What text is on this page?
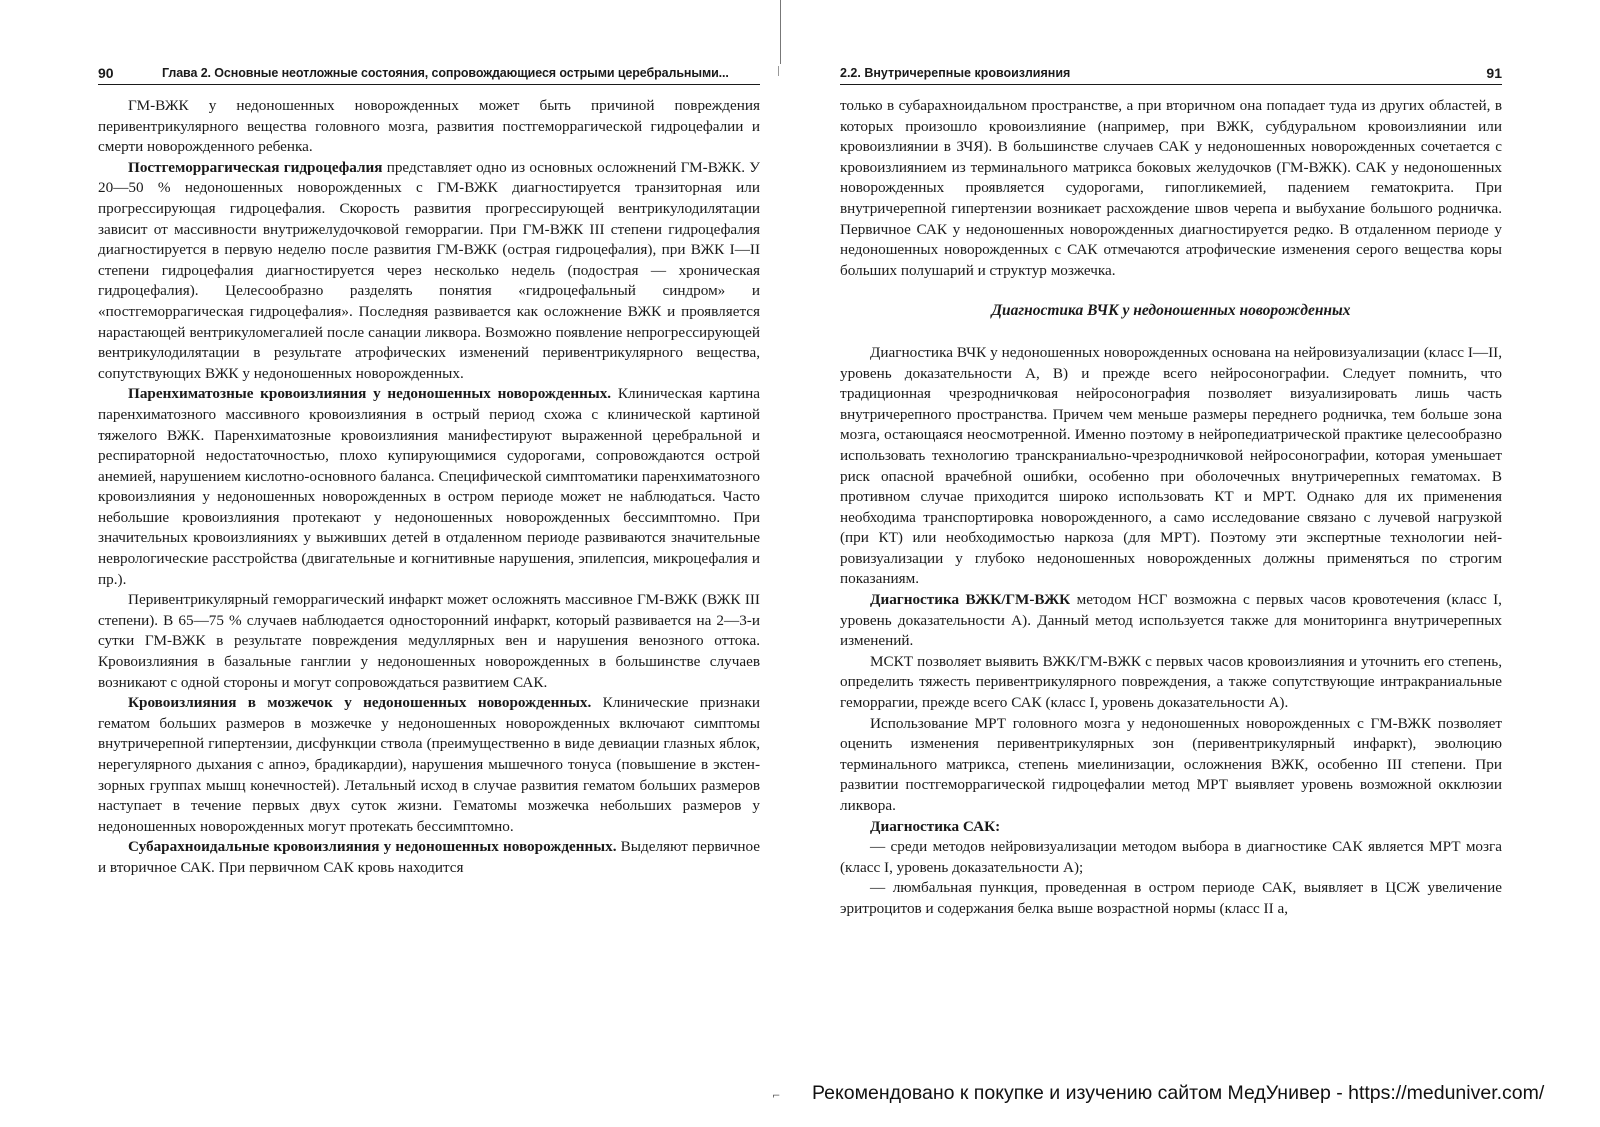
90	Глава 2. Основные неотложные состояния, сопровождающиеся острыми церебральными...

ГМ-ВЖК у недоношенных новорожденных может быть причиной повреждения перивентрикулярного вещества головного мозга, развития постгеморрагической гидроцефалии и смерти новорожденного ребенка.

Постгеморрагическая гидроцефалия представляет одно из основных осложнений ГМ-ВЖК. У 20—50 % недоношенных новорожденных с ГМ-ВЖК диагностируется транзиторная или прогрессирующая гидроцефалия. Скорость развития прогрессирующей вентрикулодилятации зависит от массивности внутрижелудочковой геморрагии. При ГМ-ВЖК III степени гидроцефалия диагностируется в первую неделю после развития ГМ-ВЖК (острая гидроцефалия), при ВЖК I—II степени гидроцефалия диагностируется через несколько недель (подострая — хроническая гидроцефалия). Целесообразно разделять понятия «гидроцефальный синдром» и «постгеморрагическая гидроцефалия». Последняя развивается как осложнение ВЖК и проявляется нарастающей вентрикуломегалией после санации ликвора. Возможно появление непрогрессирующей вентрикулодилятации в результате атрофических изменений перивентрикулярного вещества, сопутствующих ВЖК у недоношенных новорожденных.

Паренхиматозные кровоизлияния у недоношенных новорожденных. Клиническая картина паренхиматозного массивного кровоизлияния в острый период схожа с клинической картиной тяжелого ВЖК. Паренхиматозные кровоизлияния манифестируют выраженной церебральной и респираторной недостаточностью, плохо купирующимися судорогами, сопровождаются острой анемией, нарушением кислотно-основного баланса. Специфической симптоматики паренхиматозного кровоизлияния у недоношенных новорожденных в остром периоде может не наблюдаться. Часто небольшие кровоизлияния протекают у недоношенных новорожденных бессимптомно. При значительных кровоизлияниях у выживших детей в отдаленном периоде развиваются значительные неврологические расстройства (двигательные и когнитивные нарушения, эпилепсия, микроцефалия и пр.).

Перивентрикулярный геморрагический инфаркт может осложнять массивное ГМ-ВЖК (ВЖК III степени). В 65—75 % случаев наблюдается односторонний инфаркт, который развивается на 2—3-и сутки ГМ-ВЖК в результате повреждения медуллярных вен и нарушения венозного оттока. Кровоизлияния в базальные ганглии у недоношенных новорожденных в большинстве случаев возникают с одной стороны и могут сопровождаться развитием САК.

Кровоизлияния в мозжечок у недоношенных новорожденных. Клинические признаки гематом больших размеров в мозжечке у недоношенных новорожденных включают симптомы внутричерепной гипертензии, дисфункции ствола (преимущественно в виде девиации глазных яблок, нерегулярного дыхания с апноэ, брадикардии), нарушения мышечного тонуса (повышение в экстензорных группах мышц конечностей). Летальный исход в случае развития гематом больших размеров наступает в течение первых двух суток жизни. Гематомы мозжечка небольших размеров у недоношенных новорожденных могут протекать бессимптомно.

Субарахноидальные кровоизлияния у недоношенных новорожденных. Выделяют первичное и вторичное САК. При первичном САК кровь находится

2.2. Внутричерепные кровоизлияния	91

только в субарахноидальном пространстве, а при вторичном она попадает туда из других областей, в которых произошло кровоизлияние (например, при ВЖК, субдуральном кровоизлиянии или кровоизлиянии в ЗЧЯ). В большинстве случаев САК у недоношенных новорожденных сочетается с кровоизлиянием из терминального матрикса боковых желудочков (ГМ-ВЖК). САК у недоношенных новорожденных проявляется судорогами, гипогликемией, падением гематокрита. При внутричерепной гипертензии возникает расхождение швов черепа и выбухание большого родничка. Первичное САК у недоношенных новорожденных диагностируется редко. В отдаленном периоде у недоношенных новорожденных с САК отмечаются атрофические изменения серого вещества коры больших полушарий и структур мозжечка.

Диагностика ВЧК у недоношенных новорожденных

Диагностика ВЧК у недоношенных новорожденных основана на нейровизуализации (класс I—II, уровень доказательности A, B) и прежде всего нейросонографии. Следует помнить, что традиционная чрезродничковая нейросонография позволяет визуализировать лишь часть внутричерепного пространства. Причем чем меньше размеры переднего родничка, тем больше зона мозга, остающаяся неосмотренной. Именно поэтому в нейропедиатрической практике целесообразно использовать технологию транскраниально-чрезродничковой нейросонографии, которая уменьшает риск опасной врачебной ошибки, особенно при оболочечных внутричерепных гематомах. В противном случае приходится широко использовать КТ и МРТ. Однако для их применения необходима транспортировка новорожденного, а само исследование связано с лучевой нагрузкой (при КТ) или необходимостью наркоза (для МРТ). Поэтому эти экспертные технологии нейровизуализации у глубоко недоношенных новорожденных должны применяться по строгим показаниям.

Диагностика ВЖК/ГМ-ВЖК методом НСГ возможна с первых часов кровотечения (класс I, уровень доказательности A). Данный метод используется также для мониторинга внутричерепных изменений.

МСКТ позволяет выявить ВЖК/ГМ-ВЖК с первых часов кровоизлияния и уточнить его степень, определить тяжесть перивентрикулярного повреждения, а также сопутствующие интракраниальные геморрагии, прежде всего САК (класс I, уровень доказательности A).

Использование МРТ головного мозга у недоношенных новорожденных с ГМ-ВЖК позволяет оценить изменения перивентрикулярных зон (перивентрикулярный инфаркт), эволюцию терминального матрикса, степень миелинизации, осложнения ВЖК, особенно III степени. При развитии постгеморрагической гидроцефалии метод МРТ выявляет уровень возможной окклюзии ликвора.

Диагностика САК:

— среди методов нейровизуализации методом выбора в диагностике САК является МРТ мозга (класс I, уровень доказательности A);

— люмбальная пункция, проведенная в остром периоде САК, выявляет в ЦСЖ увеличение эритроцитов и содержания белка выше возрастной нормы (класс II a,

⌐	Рекомендовано к покупке и изучению сайтом МедУнивер - https://meduniver.com/
